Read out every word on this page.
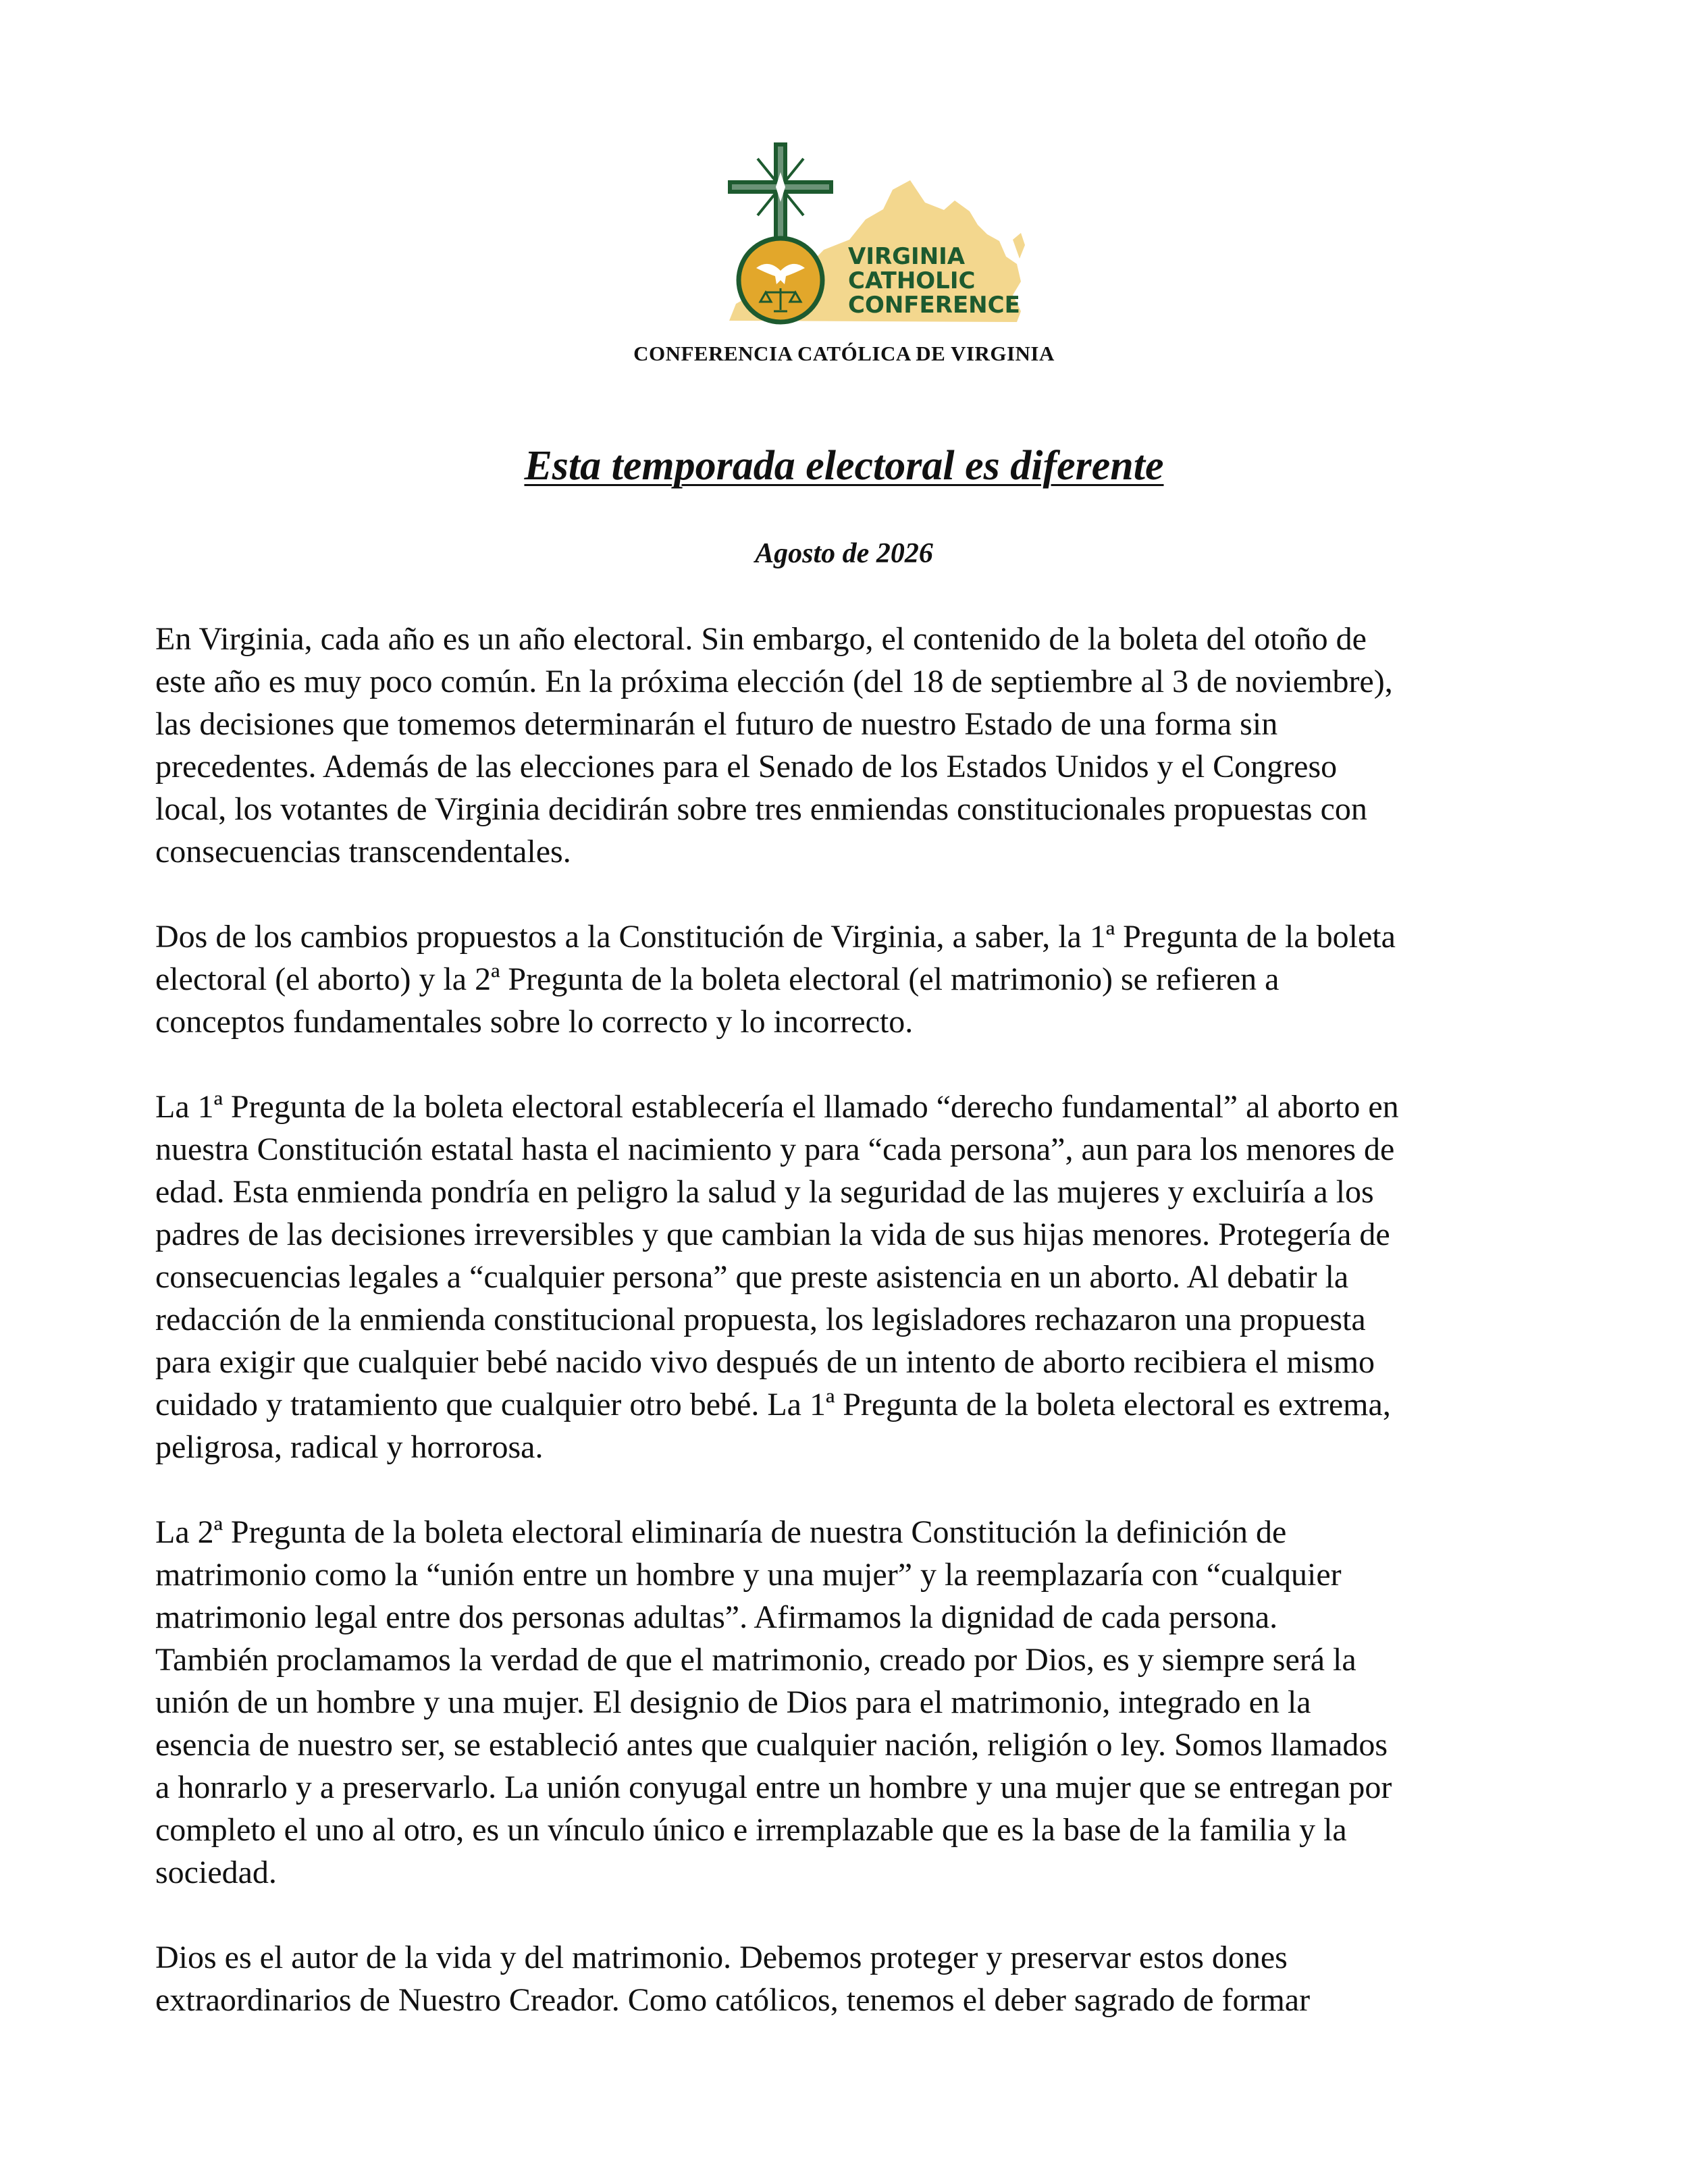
VIRGINIA
CATHOLIC
CONFERENCE
CONFERENCIA CATÓLICA DE VIRGINIA
Esta temporada electoral es diferente
Agosto de 2026

En Virginia, cada año es un año electoral. Sin embargo, el contenido de la boleta del otoño de
este año es muy poco común. En la próxima elección (del 18 de septiembre al 3 de noviembre),
las decisiones que tomemos determinarán el futuro de nuestro Estado de una forma sin
precedentes. Además de las elecciones para el Senado de los Estados Unidos y el Congreso
local, los votantes de Virginia decidirán sobre tres enmiendas constitucionales propuestas con
consecuencias transcendentales.

Dos de los cambios propuestos a la Constitución de Virginia, a saber, la 1ª Pregunta de la boleta
electoral (el aborto) y la 2ª Pregunta de la boleta electoral (el matrimonio) se refieren a
conceptos fundamentales sobre lo correcto y lo incorrecto.

La 1ª Pregunta de la boleta electoral establecería el llamado “derecho fundamental” al aborto en
nuestra Constitución estatal hasta el nacimiento y para “cada persona”, aun para los menores de
edad. Esta enmienda pondría en peligro la salud y la seguridad de las mujeres y excluiría a los
padres de las decisiones irreversibles y que cambian la vida de sus hijas menores. Protegería de
consecuencias legales a “cualquier persona” que preste asistencia en un aborto. Al debatir la
redacción de la enmienda constitucional propuesta, los legisladores rechazaron una propuesta
para exigir que cualquier bebé nacido vivo después de un intento de aborto recibiera el mismo
cuidado y tratamiento que cualquier otro bebé. La 1ª Pregunta de la boleta electoral es extrema,
peligrosa, radical y horrorosa.

La 2ª Pregunta de la boleta electoral eliminaría de nuestra Constitución la definición de
matrimonio como la “unión entre un hombre y una mujer” y la reemplazaría con “cualquier
matrimonio legal entre dos personas adultas”. Afirmamos la dignidad de cada persona.
También proclamamos la verdad de que el matrimonio, creado por Dios, es y siempre será la
unión de un hombre y una mujer. El designio de Dios para el matrimonio, integrado en la
esencia de nuestro ser, se estableció antes que cualquier nación, religión o ley. Somos llamados
a honrarlo y a preservarlo. La unión conyugal entre un hombre y una mujer que se entregan por
completo el uno al otro, es un vínculo único e irremplazable que es la base de la familia y la
sociedad.

Dios es el autor de la vida y del matrimonio. Debemos proteger y preservar estos dones
extraordinarios de Nuestro Creador. Como católicos, tenemos el deber sagrado de formar
